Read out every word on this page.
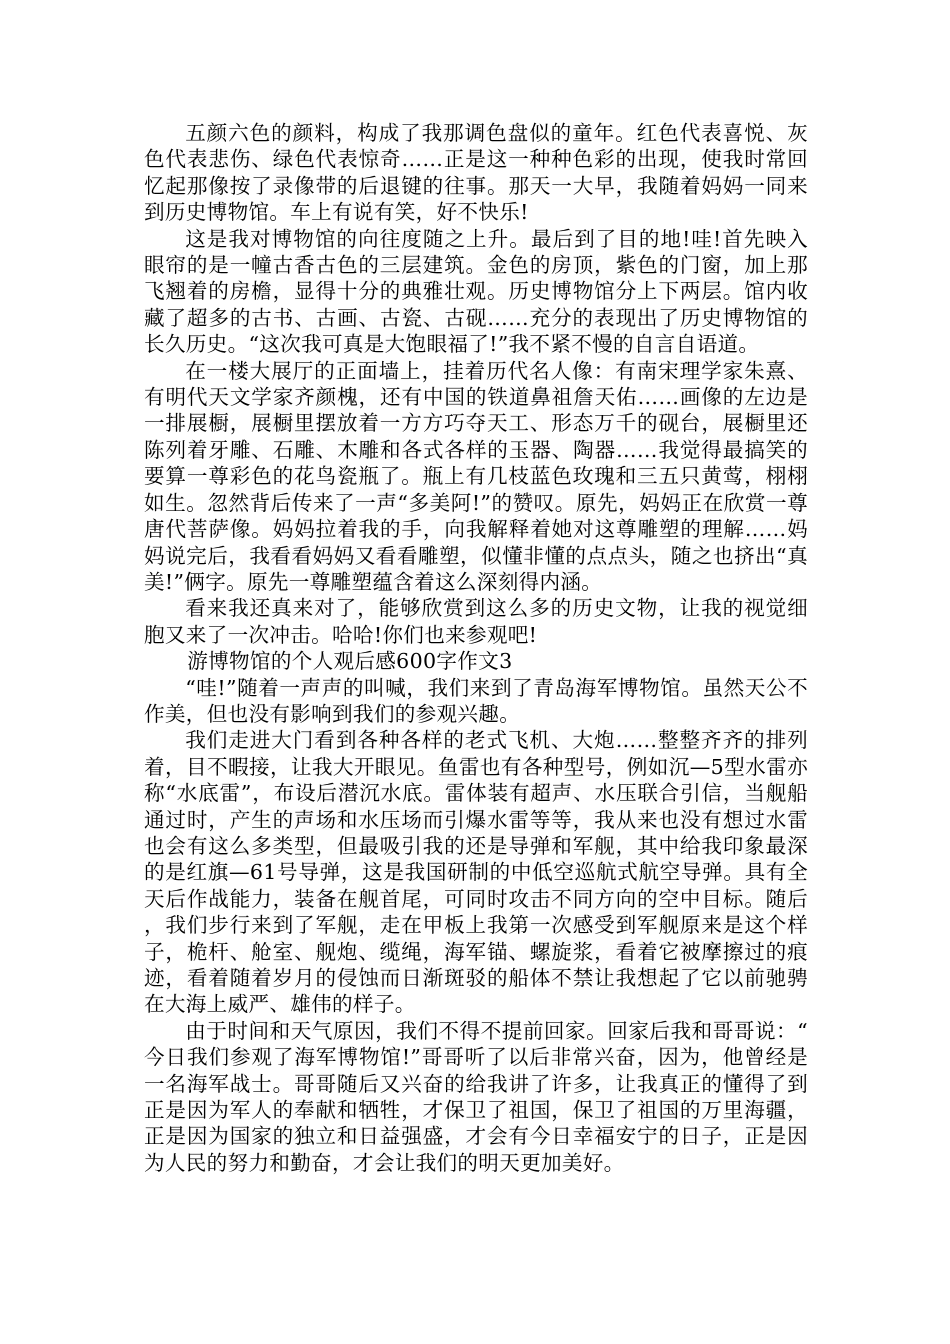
五颜六色的颜料，构成了我那调色盘似的童年。红色代表喜悦、灰色代表悲伤、绿色代表惊奇……正是这一种种色彩的出现，使我时常回忆起那像按了录像带的后退键的往事。那天一大早，我随着妈妈一同来到历史博物馆。车上有说有笑，好不快乐!

这是我对博物馆的向往度随之上升。最后到了目的地!哇!首先映入眼帘的是一幢古香古色的三层建筑。金色的房顶，紫色的门窗，加上那飞翘着的房檐，显得十分的典雅壮观。历史博物馆分上下两层。馆内收藏了超多的古书、古画、古瓷、古砚……充分的表现出了历史博物馆的长久历史。“这次我可真是大饱眼福了!”我不紧不慢的自言自语道。

在一楼大展厅的正面墙上，挂着历代名人像：有南宋理学家朱熹、有明代天文学家齐颜槐，还有中国的铁道鼻祖詹天佑……画像的左边是一排展橱，展橱里摆放着一方方巧夺天工、形态万千的砚台，展橱里还陈列着牙雕、石雕、木雕和各式各样的玉器、陶器……我觉得最搞笑的要算一尊彩色的花鸟瓷瓶了。瓶上有几枝蓝色玫瑰和三五只黄莺，栩栩如生。忽然背后传来了一声“多美阿!”的赞叹。原先，妈妈正在欣赏一尊唐代菩萨像。妈妈拉着我的手，向我解释着她对这尊雕塑的理解……妈妈说完后，我看看妈妈又看看雕塑，似懂非懂的点点头，随之也挤出“真美!”俩字。原先一尊雕塑蕴含着这么深刻得内涵。

看来我还真来对了，能够欣赏到这么多的历史文物，让我的视觉细胞又来了一次冲击。哈哈!你们也来参观吧!

游博物馆的个人观后感600字作文3

“哇!”随着一声声的叫喊，我们来到了青岛海军博物馆。虽然天公不作美，但也没有影响到我们的参观兴趣。

我们走进大门看到各种各样的老式飞机、大炮……整整齐齐的排列着，目不暇接，让我大开眼见。鱼雷也有各种型号，例如沉—5型水雷亦称“水底雷”，布设后潜沉水底。雷体装有超声、水压联合引信，当舰船通过时，产生的声场和水压场而引爆水雷等等，我从来也没有想过水雷也会有这么多类型，但最吸引我的还是导弹和军舰，其中给我印象最深的是红旗—61号导弹，这是我国研制的中低空巡航式航空导弹。具有全天后作战能力，装备在舰首尾，可同时攻击不同方向的空中目标。随后，我们步行来到了军舰，走在甲板上我第一次感受到军舰原来是这个样子，桅杆、舱室、舰炮、缆绳，海军锚、螺旋浆，看着它被摩擦过的痕迹，看着随着岁月的侵蚀而日渐斑驳的船体不禁让我想起了它以前驰骋在大海上威严、雄伟的样子。

由于时间和天气原因，我们不得不提前回家。回家后我和哥哥说：“今日我们参观了海军博物馆!”哥哥听了以后非常兴奋，因为，他曾经是一名海军战士。哥哥随后又兴奋的给我讲了许多，让我真正的懂得了到正是因为军人的奉献和牺牲，才保卫了祖国，保卫了祖国的万里海疆，正是因为国家的独立和日益强盛，才会有今日幸福安宁的日子，正是因为人民的努力和勤奋，才会让我们的明天更加美好。
